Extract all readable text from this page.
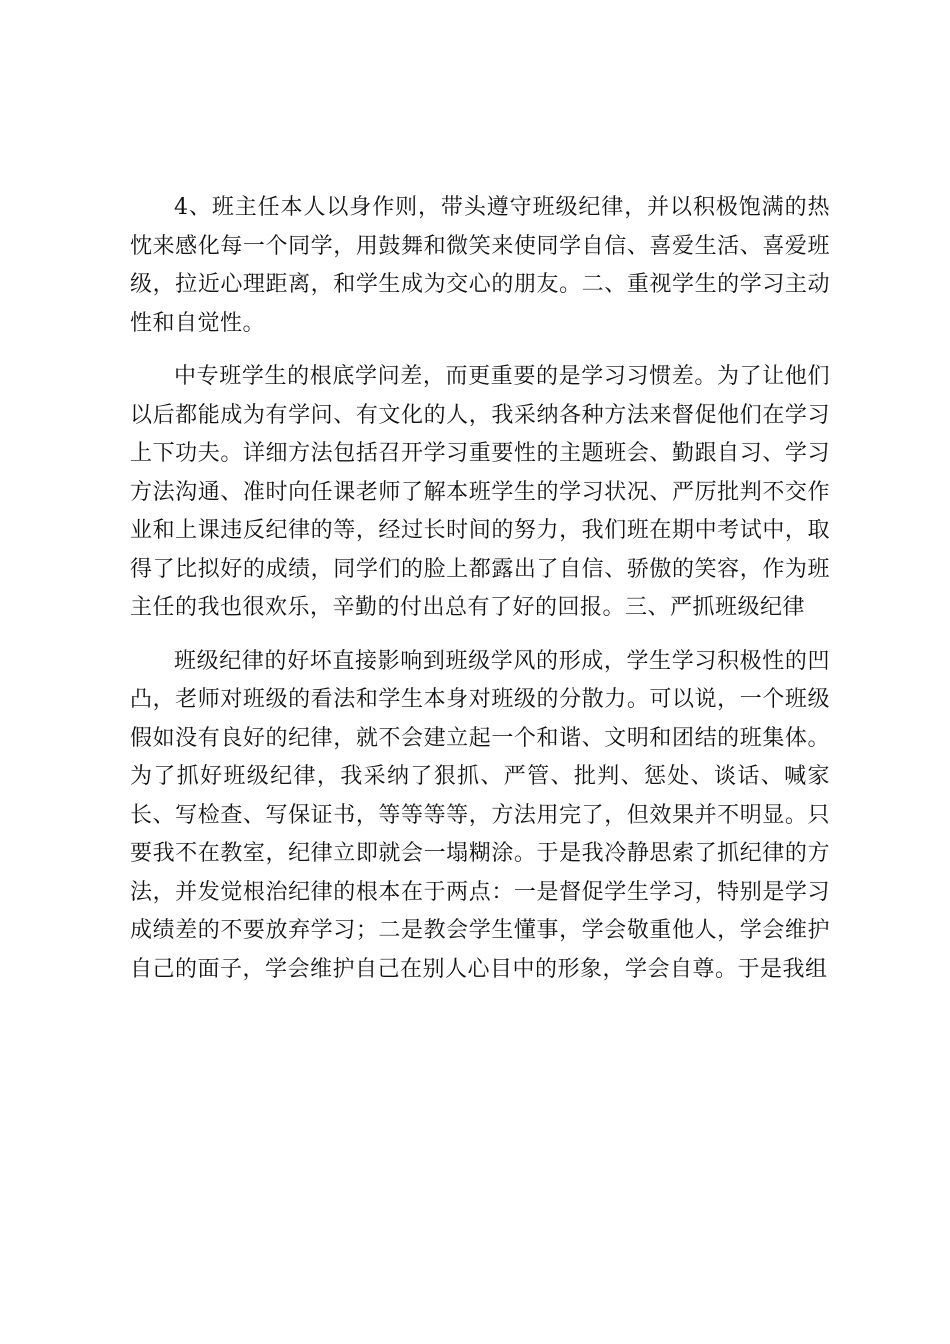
4、班主任本人以身作则，带头遵守班级纪律，并以积极饱满的热忱来感化每一个同学，用鼓舞和微笑来使同学自信、喜爱生活、喜爱班级，拉近心理距离，和学生成为交心的朋友。二、重视学生的学习主动性和自觉性。

中专班学生的根底学问差，而更重要的是学习习惯差。为了让他们以后都能成为有学问、有文化的人，我采纳各种方法来督促他们在学习上下功夫。详细方法包括召开学习重要性的主题班会、勤跟自习、学习方法沟通、准时向任课老师了解本班学生的学习状况、严厉批判不交作业和上课违反纪律的等，经过长时间的努力，我们班在期中考试中，取得了比拟好的成绩，同学们的脸上都露出了自信、骄傲的笑容，作为班主任的我也很欢乐，辛勤的付出总有了好的回报。三、严抓班级纪律

班级纪律的好坏直接影响到班级学风的形成，学生学习积极性的凹凸，老师对班级的看法和学生本身对班级的分散力。可以说，一个班级假如没有良好的纪律，就不会建立起一个和谐、文明和团结的班集体。为了抓好班级纪律，我采纳了狠抓、严管、批判、惩处、谈话、喊家长、写检查、写保证书，等等等等，方法用完了，但效果并不明显。只要我不在教室，纪律立即就会一塌糊涂。于是我冷静思索了抓纪律的方法，并发觉根治纪律的根本在于两点：一是督促学生学习，特别是学习成绩差的不要放弃学习；二是教会学生懂事，学会敬重他人，学会维护自己的面子，学会维护自己在别人心目中的形象，学会自尊。于是我组
